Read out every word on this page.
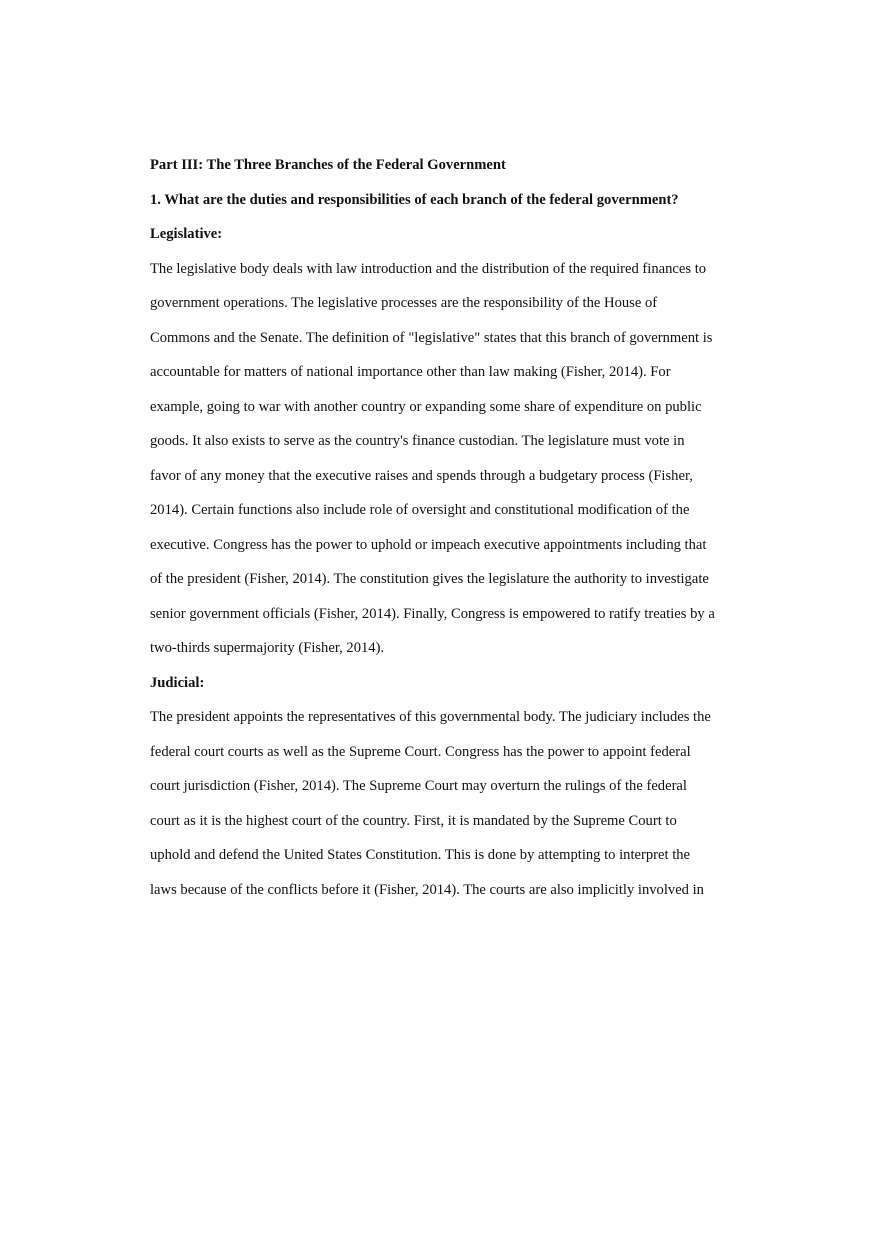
Part III: The Three Branches of the Federal Government

1. What are the duties and responsibilities of each branch of the federal government?

Legislative:

The legislative body deals with law introduction and the distribution of the required finances to

government operations. The legislative processes are the responsibility of the House of

Commons and the Senate. The definition of "legislative" states that this branch of government is

accountable for matters of national importance other than law making (Fisher, 2014). For

example, going to war with another country or expanding some share of expenditure on public

goods. It also exists to serve as the country's finance custodian. The legislature must vote in

favor of any money that the executive raises and spends through a budgetary process (Fisher,

2014). Certain functions also include role of oversight and constitutional modification of the

executive. Congress has the power to uphold or impeach executive appointments including that

of the president (Fisher, 2014). The constitution gives the legislature the authority to investigate

senior government officials (Fisher, 2014). Finally, Congress is empowered to ratify treaties by a

two-thirds supermajority (Fisher, 2014).

Judicial:

The president appoints the representatives of this governmental body. The judiciary includes the

federal court courts as well as the Supreme Court. Congress has the power to appoint federal

court jurisdiction (Fisher, 2014). The Supreme Court may overturn the rulings of the federal

court as it is the highest court of the country. First, it is mandated by the Supreme Court to

uphold and defend the United States Constitution. This is done by attempting to interpret the

laws because of the conflicts before it (Fisher, 2014). The courts are also implicitly involved in
